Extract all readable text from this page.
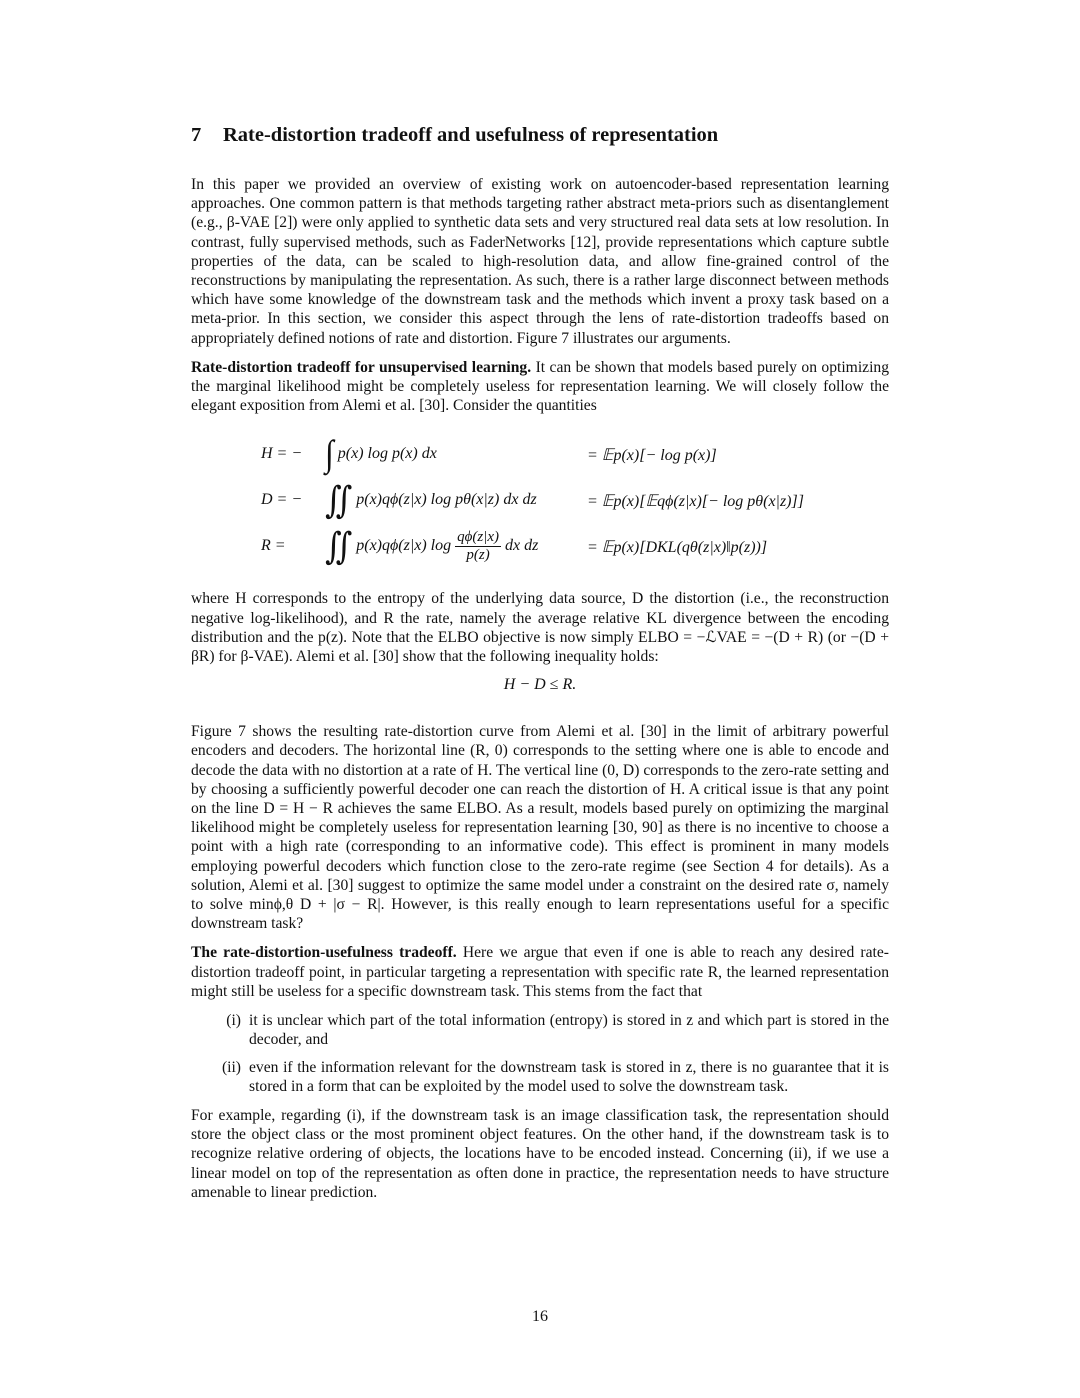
7	Rate-distortion tradeoff and usefulness of representation

In this paper we provided an overview of existing work on autoencoder-based representation learning approaches. One common pattern is that methods targeting rather abstract meta-priors such as disentanglement (e.g., β-VAE [2]) were only applied to synthetic data sets and very structured real data sets at low resolution. In contrast, fully supervised methods, such as FaderNetworks [12], provide representations which capture subtle properties of the data, can be scaled to high-resolution data, and allow fine-grained control of the reconstructions by manipulating the representation. As such, there is a rather large disconnect between methods which have some knowledge of the downstream task and the methods which invent a proxy task based on a meta-prior. In this section, we consider this aspect through the lens of rate-distortion tradeoffs based on appropriately defined notions of rate and distortion. Figure 7 illustrates our arguments.

Rate-distortion tradeoff for unsupervised learning. It can be shown that models based purely on optimizing the marginal likelihood might be completely useless for representation learning. We will closely follow the elegant exposition from Alemi et al. [30]. Consider the quantities

H = − ∫ p(x) log p(x) dx	= 𝔼p(x)[− log p(x)]
D = − ∬ p(x)qϕ(z|x) log pθ(x|z) dx dz	= 𝔼p(x)[𝔼qϕ(z|x)[− log pθ(x|z)]]
R =	∬ p(x)qϕ(z|x) $\log \frac{q\phi(z|x)}{p(z)}$ dx dz	= 𝔼p(x)[DKL(qθ(z|x)‖p(z))]

where H corresponds to the entropy of the underlying data source, D the distortion (i.e., the reconstruction negative log-likelihood), and R the rate, namely the average relative KL divergence between the encoding distribution and the p(z). Note that the ELBO objective is now simply ELBO = −ℒVAE = −(D + R) (or −(D + βR) for β-VAE). Alemi et al. [30] show that the following inequality holds:

H − D ≤ R.

Figure 7 shows the resulting rate-distortion curve from Alemi et al. [30] in the limit of arbitrary powerful encoders and decoders. The horizontal line (R, 0) corresponds to the setting where one is able to encode and decode the data with no distortion at a rate of H. The vertical line (0, D) corresponds to the zero-rate setting and by choosing a sufficiently powerful decoder one can reach the distortion of H. A critical issue is that any point on the line D = H − R achieves the same ELBO. As a result, models based purely on optimizing the marginal likelihood might be completely useless for representation learning [30, 90] as there is no incentive to choose a point with a high rate (corresponding to an informative code). This effect is prominent in many models employing powerful decoders which function close to the zero-rate regime (see Section 4 for details). As a solution, Alemi et al. [30] suggest to optimize the same model under a constraint on the desired rate σ, namely to solve minϕ,θ D + |σ − R|. However, is this really enough to learn representations useful for a specific downstream task?

The rate-distortion-usefulness tradeoff. Here we argue that even if one is able to reach any desired rate-distortion tradeoff point, in particular targeting a representation with specific rate R, the learned representation might still be useless for a specific downstream task. This stems from the fact that

(i) it is unclear which part of the total information (entropy) is stored in z and which part is stored in the decoder, and
(ii) even if the information relevant for the downstream task is stored in z, there is no guarantee that it is stored in a form that can be exploited by the model used to solve the downstream task.

For example, regarding (i), if the downstream task is an image classification task, the representation should store the object class or the most prominent object features. On the other hand, if the downstream task is to recognize relative ordering of objects, the locations have to be encoded instead. Concerning (ii), if we use a linear model on top of the representation as often done in practice, the representation needs to have structure amenable to linear prediction.

16
